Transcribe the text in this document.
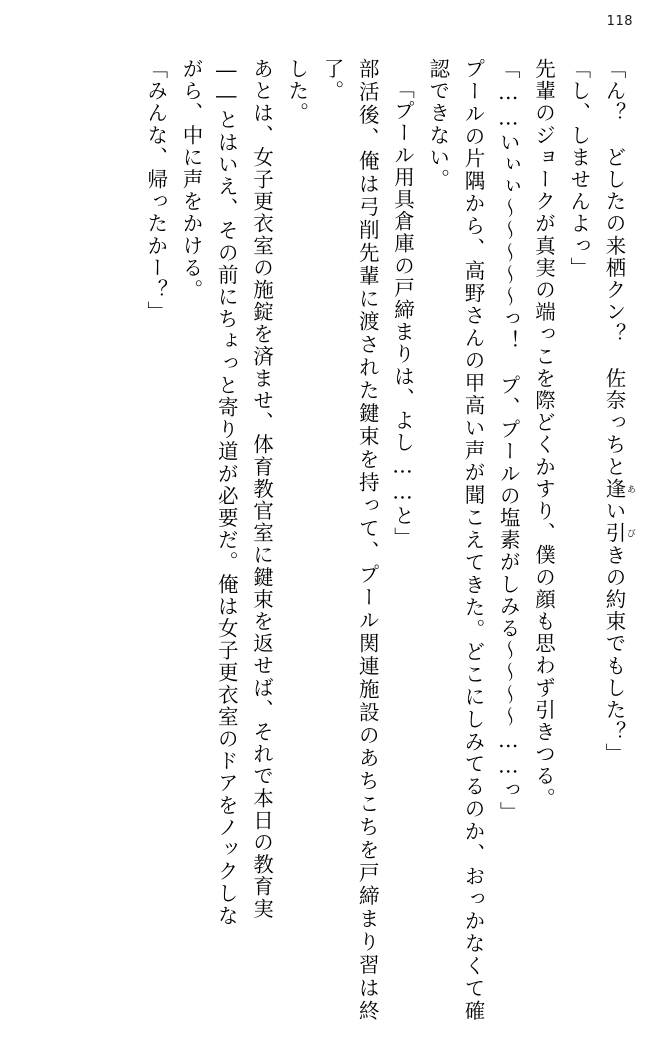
118

「ん？　どしたの来栖クン？　佐奈っちと逢 あい引 びきの約束でもした？」

「し、しませんよっ」

先輩のジョークが真実の端っこを際どくかすり、僕の顔も思わず引きつる。

「……いぃぃ～～～～～っ！　プ、プールの塩素がしみる～～～～……っ」

プールの片隅から、高野さんの甲高い声が聞こえてきた。どこにしみてるのか、おっかなくて確認できない。

「プール用具倉庫の戸締まりは、よし……と」

部活後、俺は弓削先輩に渡された鍵束を持って、プール関連施設のあちこちを戸締まり習は終了。

した。

あとは、女子更衣室の施錠を済ませ、体育教官室に鍵束を返せば、それで本日の教育実

――とはいえ、その前にちょっと寄り道が必要だ。俺は女子更衣室のドアをノックしな

がら、中に声をかける。

「みんな、帰ったかー？」
